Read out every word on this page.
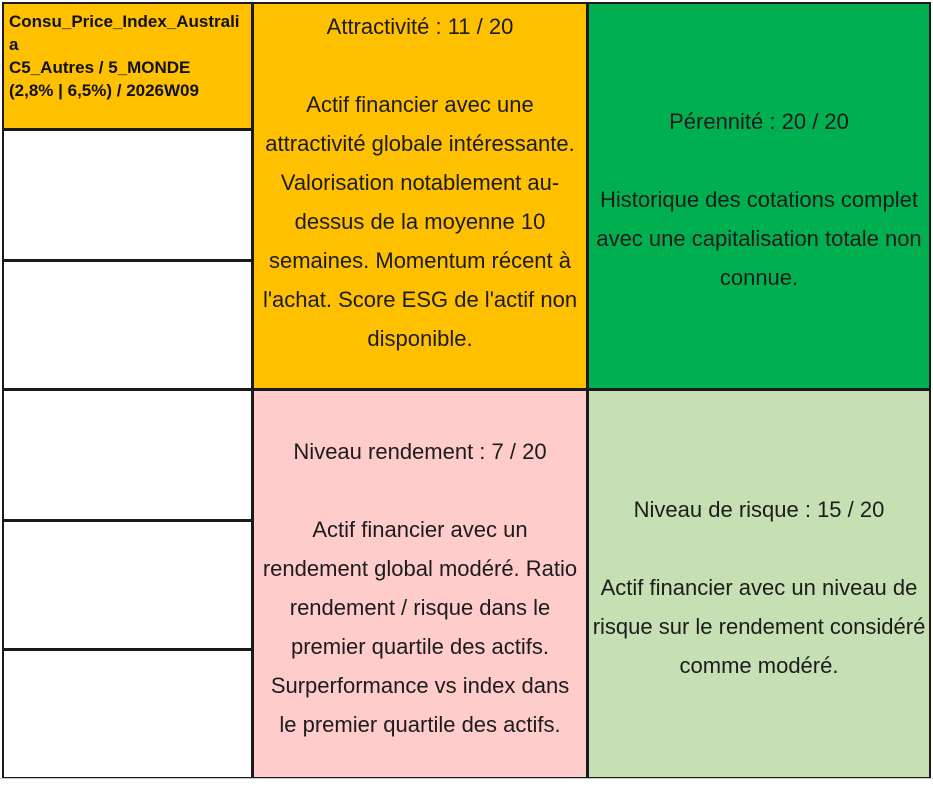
Consu_Price_Index_Australia
C5_Autres / 5_MONDE
(2,8% | 6,5%) / 2026W09
Attractivité : 11 / 20
Actif financier avec une attractivité globale intéressante. Valorisation notablement au-dessus de la moyenne 10 semaines. Momentum récent à l'achat. Score ESG de l'actif non disponible.
Pérennité : 20 / 20
Historique des cotations complet avec une capitalisation totale non connue.
Niveau rendement : 7 / 20
Actif financier avec un rendement global modéré. Ratio rendement / risque dans le premier quartile des actifs. Surperformance vs index dans le premier quartile des actifs.
Niveau de risque : 15 / 20
Actif financier avec un niveau de risque sur le rendement considéré comme modéré.
